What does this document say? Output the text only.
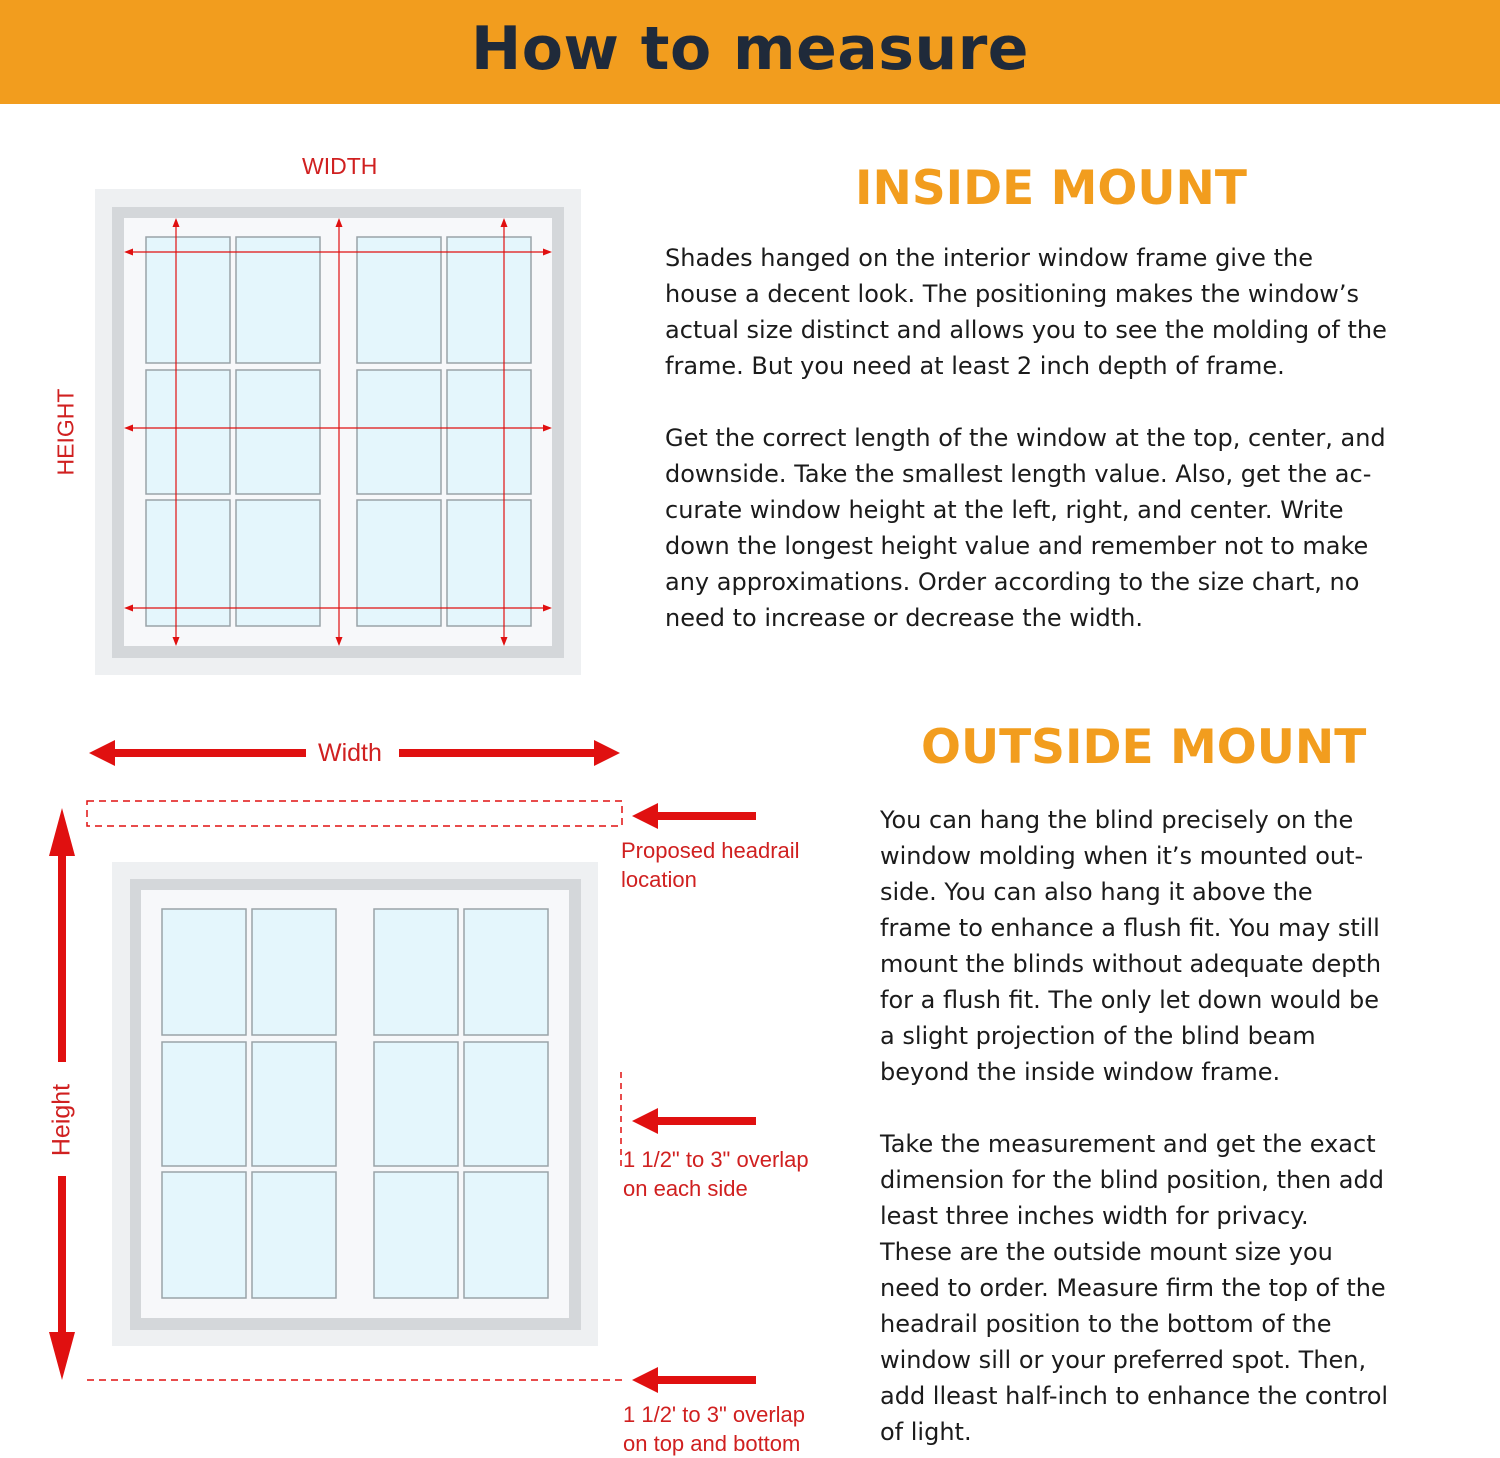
How to measure
WIDTH
HEIGHT
INSIDE MOUNT
Shades hanged on the interior window frame give the
house a decent look. The positioning makes the window’s
actual size distinct and allows you to see the molding of the
frame. But you need at least 2 inch depth of frame.
Get the correct length of the window at the top, center, and
downside. Take the smallest length value. Also, get the ac-
curate window height at the left, right, and center. Write
down the longest height value and remember not to make
any approximations. Order according to the size chart, no
need to increase or decrease the width.
Width
Height
Proposed headrail
location
1 1/2" to 3" overlap
on each side
1 1/2' to 3" overlap
on top and bottom
OUTSIDE MOUNT
You can hang the blind precisely on the
window molding when it’s mounted out-
side. You can also hang it above the
frame to enhance a flush fit. You may still
mount the blinds without adequate depth
for a flush fit. The only let down would be
a slight projection of the blind beam
beyond the inside window frame.
Take the measurement and get the exact
dimension for the blind position, then add
least three inches width for privacy.
These are the outside mount size you
need to order. Measure firm the top of the
headrail position to the bottom of the
window sill or your preferred spot. Then,
add lleast half-inch to enhance the control
of light.
